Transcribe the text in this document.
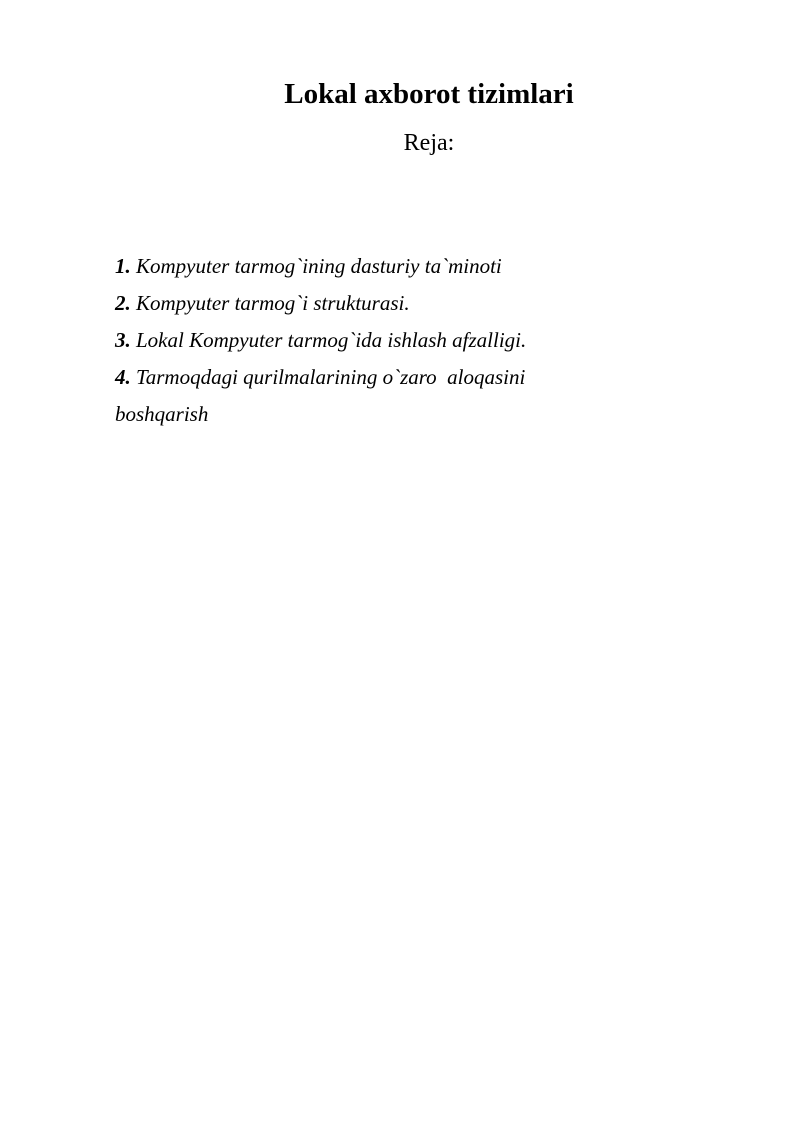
Lokal axborot tizimlari
Reja:
1. Kompyuter tarmog`ining dasturiy ta`minoti
2. Kompyuter tarmog`i strukturasi.
3. Lokal Kompyuter tarmog`ida ishlash afzalligi.
4. Tarmoqdagi qurilmalarining o`zaro  aloqasini
boshqarish
